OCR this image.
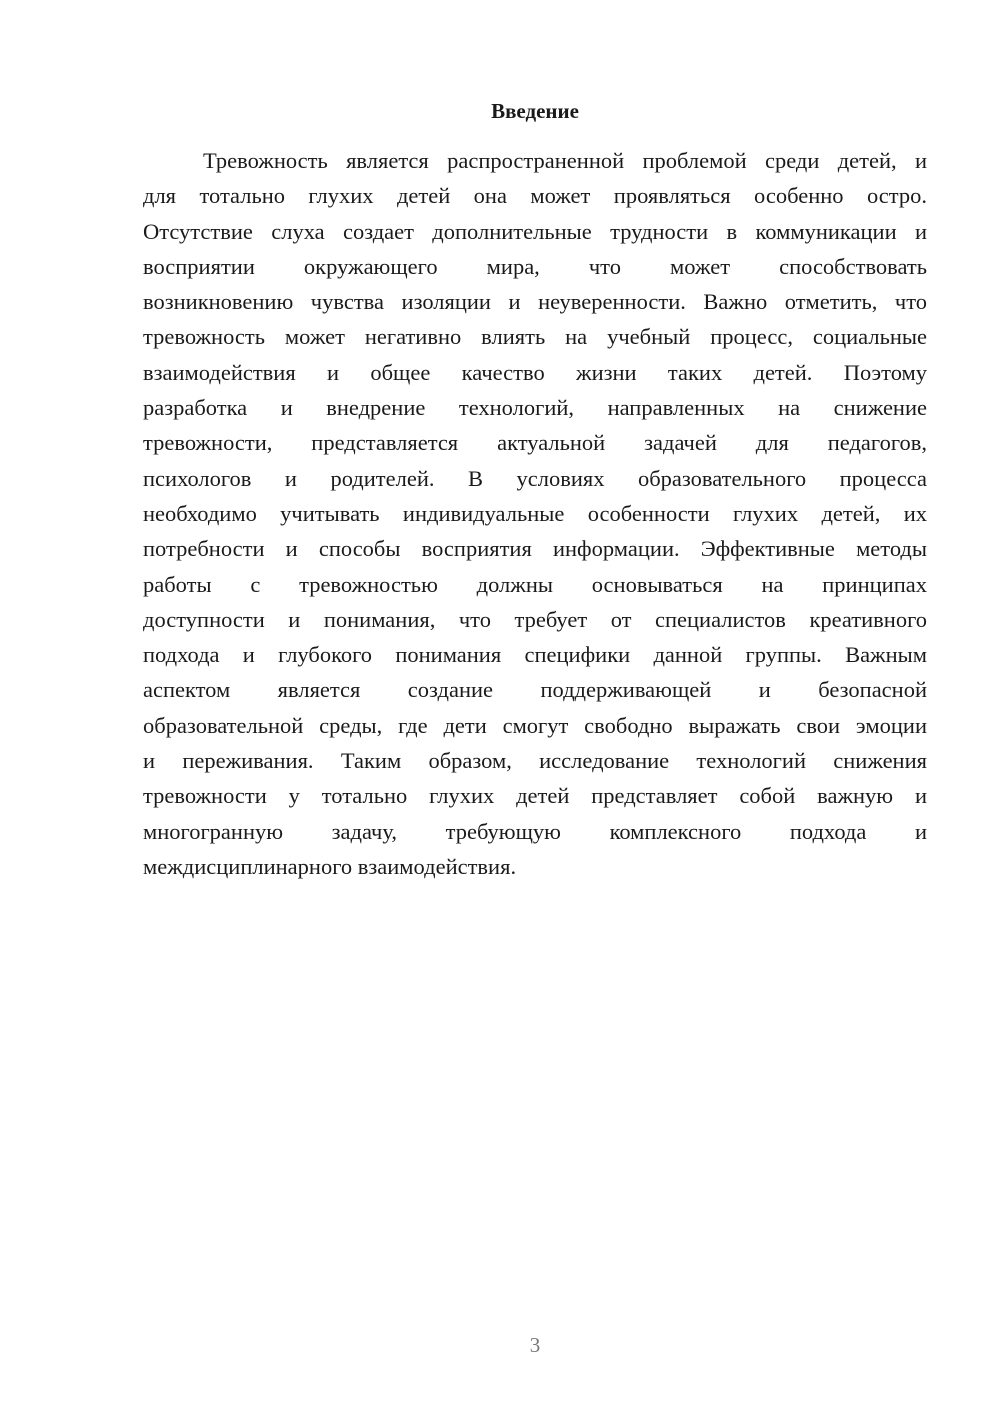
Введение
Тревожность является распространенной проблемой среди детей, и
для тотально глухих детей она может проявляться особенно остро.
Отсутствие слуха создает дополнительные трудности в коммуникации и
восприятии окружающего мира, что может способствовать
возникновению чувства изоляции и неуверенности. Важно отметить, что
тревожность может негативно влиять на учебный процесс, социальные
взаимодействия и общее качество жизни таких детей. Поэтому
разработка и внедрение технологий, направленных на снижение
тревожности, представляется актуальной задачей для педагогов,
психологов и родителей. В условиях образовательного процесса
необходимо учитывать индивидуальные особенности глухих детей, их
потребности и способы восприятия информации. Эффективные методы
работы с тревожностью должны основываться на принципах
доступности и понимания, что требует от специалистов креативного
подхода и глубокого понимания специфики данной группы. Важным
аспектом является создание поддерживающей и безопасной
образовательной среды, где дети смогут свободно выражать свои эмоции
и переживания. Таким образом, исследование технологий снижения
тревожности у тотально глухих детей представляет собой важную и
многогранную задачу, требующую комплексного подхода и
междисциплинарного взаимодействия.
3
